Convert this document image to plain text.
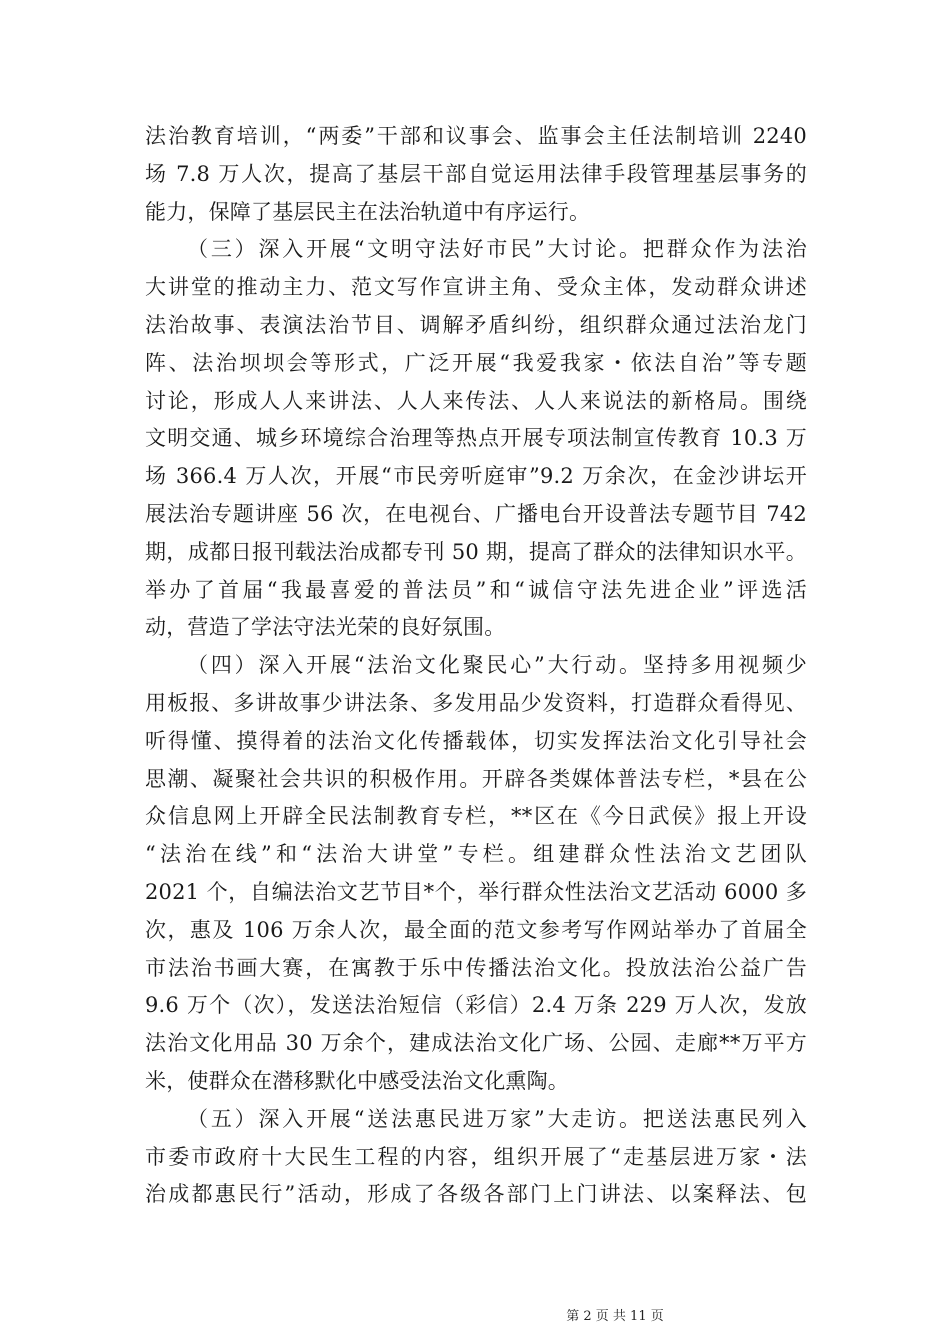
法治教育培训，“两委”干部和议事会、监事会主任法制培训 2240
场 7.8 万人次，提高了基层干部自觉运用法律手段管理基层事务的
能力，保障了基层民主在法治轨道中有序运行。
（三）深入开展“文明守法好市民”大讨论。把群众作为法治
大讲堂的推动主力、范文写作宣讲主角、受众主体，发动群众讲述
法治故事、表演法治节目、调解矛盾纠纷，组织群众通过法治龙门
阵、法治坝坝会等形式，广泛开展“我爱我家・依法自治”等专题
讨论，形成人人来讲法、人人来传法、人人来说法的新格局。围绕
文明交通、城乡环境综合治理等热点开展专项法制宣传教育 10.3 万
场 366.4 万人次，开展“市民旁听庭审”9.2 万余次，在金沙讲坛开
展法治专题讲座 56 次，在电视台、广播电台开设普法专题节目 742
期，成都日报刊载法治成都专刊 50 期，提高了群众的法律知识水平。
举办了首届“我最喜爱的普法员”和“诚信守法先进企业”评选活
动，营造了学法守法光荣的良好氛围。
（四）深入开展“法治文化聚民心”大行动。坚持多用视频少
用板报、多讲故事少讲法条、多发用品少发资料，打造群众看得见、
听得懂、摸得着的法治文化传播载体，切实发挥法治文化引导社会
思潮、凝聚社会共识的积极作用。开辟各类媒体普法专栏，*县在公
众信息网上开辟全民法制教育专栏，**区在《今日武侯》报上开设
“法治在线”和“法治大讲堂”专栏。组建群众性法治文艺团队
2021 个，自编法治文艺节目*个，举行群众性法治文艺活动 6000 多
次，惠及 106 万余人次，最全面的范文参考写作网站举办了首届全
市法治书画大赛，在寓教于乐中传播法治文化。投放法治公益广告
9.6 万个（次），发送法治短信（彩信）2.4 万条 229 万人次，发放
法治文化用品 30 万余个，建成法治文化广场、公园、走廊**万平方
米，使群众在潜移默化中感受法治文化熏陶。
（五）深入开展“送法惠民进万家”大走访。把送法惠民列入
市委市政府十大民生工程的内容，组织开展了“走基层进万家・法
治成都惠民行”活动，形成了各级各部门上门讲法、以案释法、包
第 2 页 共 11 页
